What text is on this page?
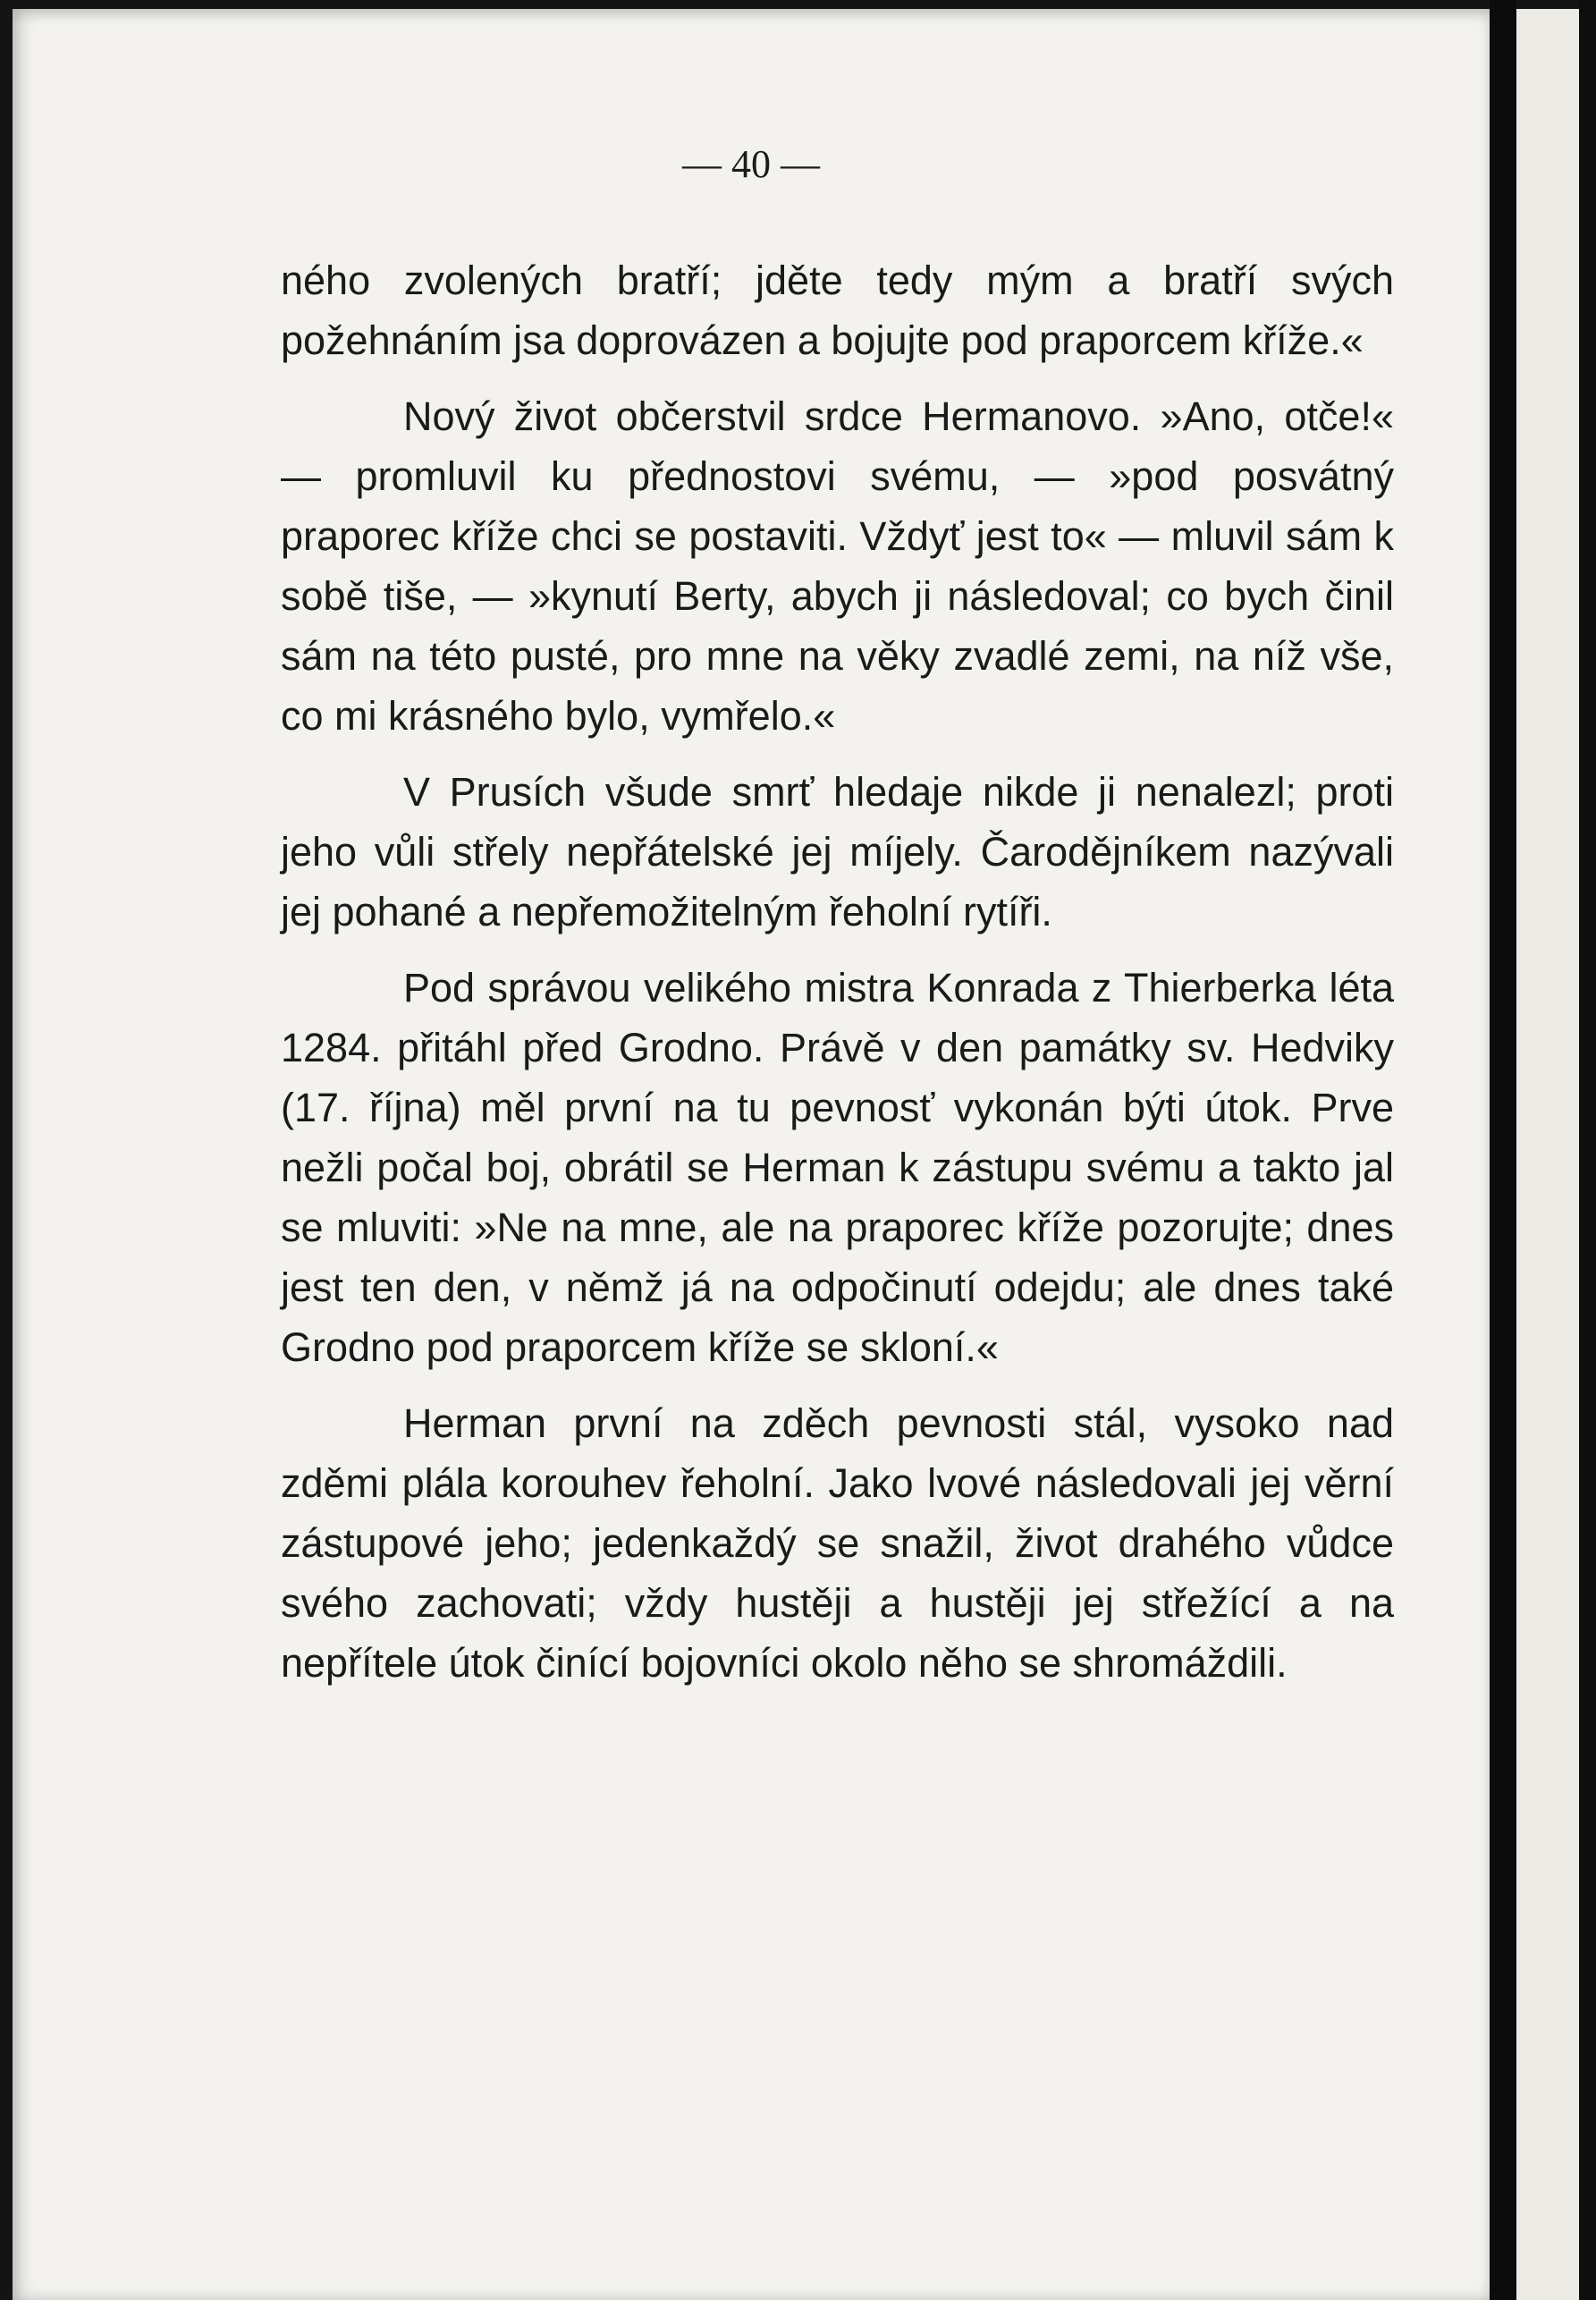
— 40 —

ného zvolených bratří; jděte tedy mým a bratří svých požehnáním jsa doprovázen a bojujte pod praporcem kříže.«

Nový život občerstvil srdce Hermanovo. »Ano, otče!« — promluvil ku přednostovi svému, — »pod posvátný praporec kříže chci se postaviti. Vždyť jest to« — mluvil sám k sobě tiše, — »kynutí Berty, abych ji následoval; co bych činil sám na této pusté, pro mne na věky zvadlé zemi, na níž vše, co mi krásného bylo, vymřelo.«

V Prusích všude smrť hledaje nikde ji nenalezl; proti jeho vůli střely nepřátelské jej míjely. Čarodějníkem nazývali jej pohané a nepřemožitelným řeholní rytíři.

Pod správou velikého mistra Konrada z Thierberka léta 1284. přitáhl před Grodno. Právě v den památky sv. Hedviky (17. října) měl první na tu pevnosť vykonán býti útok. Prve nežli počal boj, obrátil se Herman k zástupu svému a takto jal se mluviti: »Ne na mne, ale na praporec kříže pozorujte; dnes jest ten den, v němž já na odpočinutí odejdu; ale dnes také Grodno pod praporcem kříže se skloní.«

Herman první na zděch pevnosti stál, vysoko nad zděmi plála korouhev řeholní. Jako lvové následovali jej věrní zástupové jeho; jedenkaždý se snažil, život drahého vůdce svého zachovati; vždy hustěji a hustěji jej střežící a na nepřítele útok činící bojovníci okolo něho se shromáždili.
